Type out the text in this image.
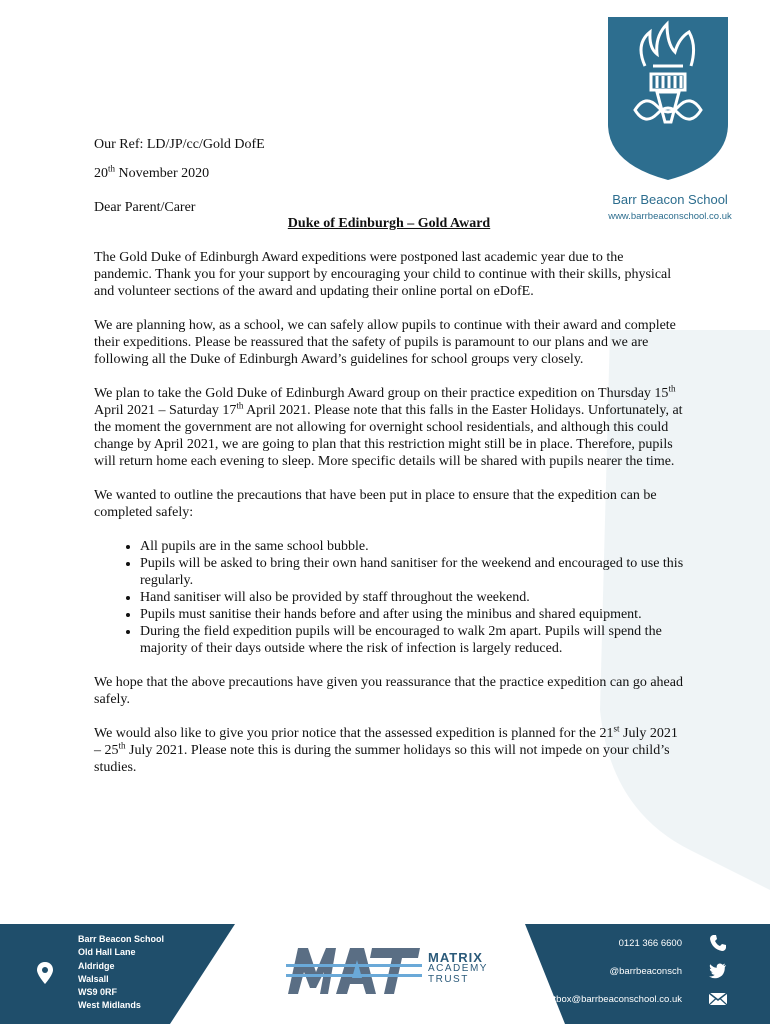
Barr Beacon School
www.barrbeaconschool.co.uk
Our Ref: LD/JP/cc/Gold DofE
20th November 2020
Dear Parent/Carer
Duke of Edinburgh – Gold Award

The Gold Duke of Edinburgh Award expeditions were postponed last academic year due to the pandemic. Thank you for your support by encouraging your child to continue with their skills, physical and volunteer sections of the award and updating their online portal on eDofE.

We are planning how, as a school, we can safely allow pupils to continue with their award and complete their expeditions. Please be reassured that the safety of pupils is paramount to our plans and we are following all the Duke of Edinburgh Award’s guidelines for school groups very closely.

We plan to take the Gold Duke of Edinburgh Award group on their practice expedition on Thursday 15th April 2021 – Saturday 17th April 2021. Please note that this falls in the Easter Holidays. Unfortunately, at the moment the government are not allowing for overnight school residentials, and although this could change by April 2021, we are going to plan that this restriction might still be in place. Therefore, pupils will return home each evening to sleep. More specific details will be shared with pupils nearer the time.

We wanted to outline the precautions that have been put in place to ensure that the expedition can be completed safely:

• All pupils are in the same school bubble.
• Pupils will be asked to bring their own hand sanitiser for the weekend and encouraged to use this regularly.
• Hand sanitiser will also be provided by staff throughout the weekend.
• Pupils must sanitise their hands before and after using the minibus and shared equipment.
• During the field expedition pupils will be encouraged to walk 2m apart. Pupils will spend the majority of their days outside where the risk of infection is largely reduced.

We hope that the above precautions have given you reassurance that the practice expedition can go ahead safely.

We would also like to give you prior notice that the assessed expedition is planned for the 21st July 2021 – 25th July 2021. Please note this is during the summer holidays so this will not impede on your child’s studies.

Barr Beacon School
Old Hall Lane
Aldridge
Walsall
WS9 0RF
West Midlands
MATRIX
ACADEMY
TRUST
0121 366 6600
@barrbeaconsch
postbox@barrbeaconschool.co.uk
